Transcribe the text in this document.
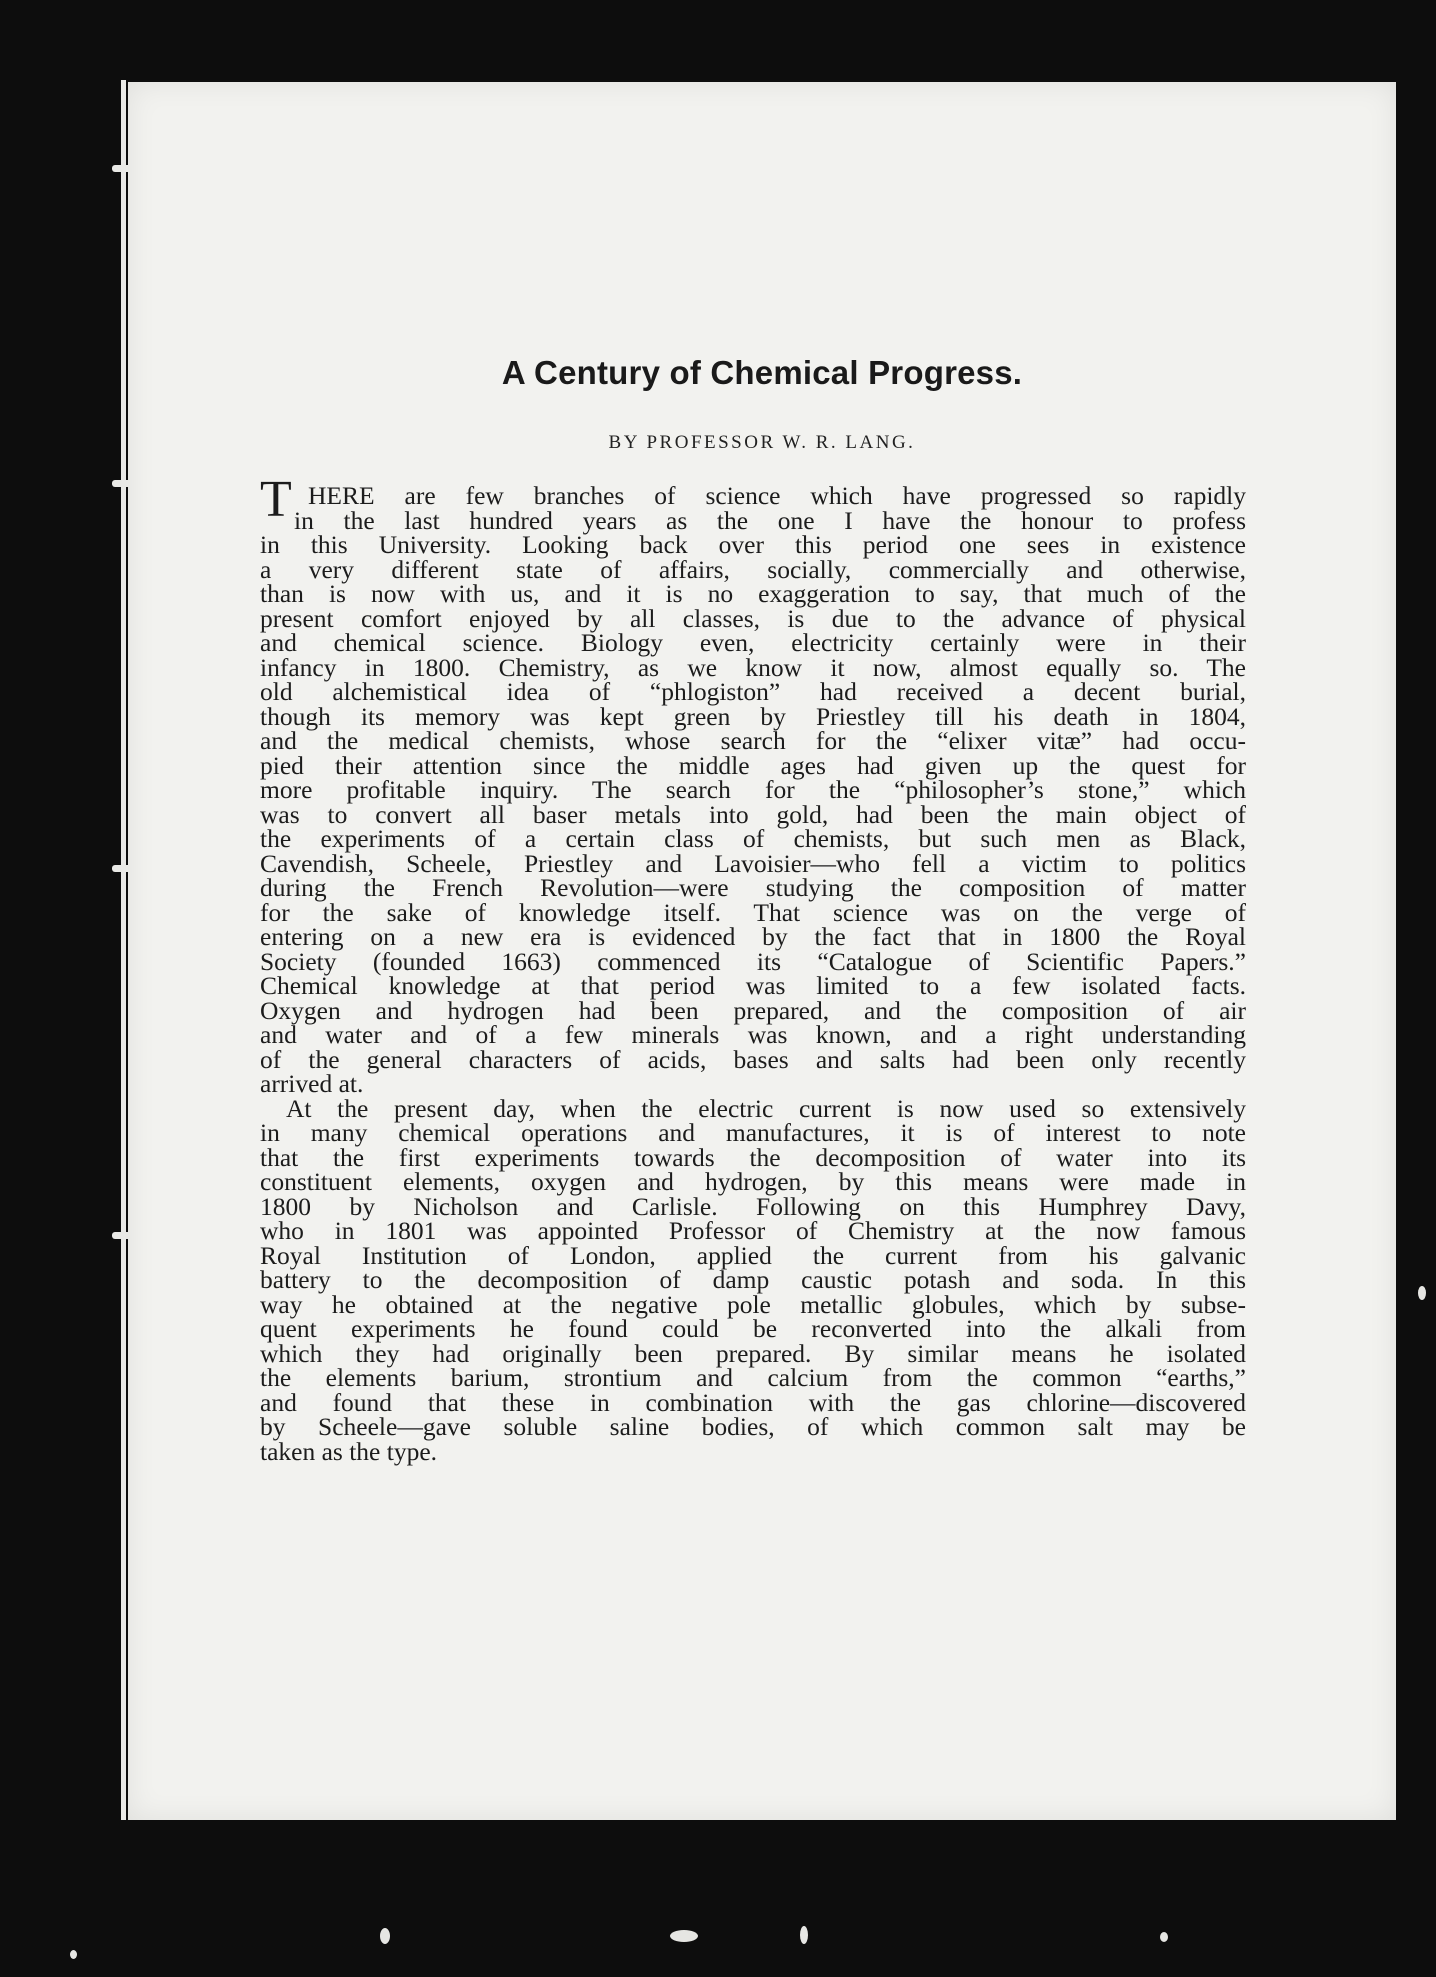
A Century of Chemical Progress.

BY PROFESSOR W. R. LANG.

T HERE are few branches of science which have progressed so rapidly
in the last hundred years as the one I have the honour to profess
in this University. Looking back over this period one sees in existence
a very different state of affairs, socially, commercially and otherwise,
than is now with us, and it is no exaggeration to say, that much of the
present comfort enjoyed by all classes, is due to the advance of physical
and chemical science. Biology even, electricity certainly were in their
infancy in 1800. Chemistry, as we know it now, almost equally so. The
old alchemistical idea of “phlogiston” had received a decent burial,
though its memory was kept green by Priestley till his death in 1804,
and the medical chemists, whose search for the “elixer vitæ” had occu-
pied their attention since the middle ages had given up the quest for
more profitable inquiry. The search for the “philosopher’s stone,” which
was to convert all baser metals into gold, had been the main object of
the experiments of a certain class of chemists, but such men as Black,
Cavendish, Scheele, Priestley and Lavoisier—who fell a victim to politics
during the French Revolution—were studying the composition of matter
for the sake of knowledge itself. That science was on the verge of
entering on a new era is evidenced by the fact that in 1800 the Royal
Society (founded 1663) commenced its “Catalogue of Scientific Papers.”
Chemical knowledge at that period was limited to a few isolated facts.
Oxygen and hydrogen had been prepared, and the composition of air
and water and of a few minerals was known, and a right understanding
of the general characters of acids, bases and salts had been only recently
arrived at.
At the present day, when the electric current is now used so extensively
in many chemical operations and manufactures, it is of interest to note
that the first experiments towards the decomposition of water into its
constituent elements, oxygen and hydrogen, by this means were made in
1800 by Nicholson and Carlisle. Following on this Humphrey Davy,
who in 1801 was appointed Professor of Chemistry at the now famous
Royal Institution of London, applied the current from his galvanic
battery to the decomposition of damp caustic potash and soda. In this
way he obtained at the negative pole metallic globules, which by subse-
quent experiments he found could be reconverted into the alkali from
which they had originally been prepared. By similar means he isolated
the elements barium, strontium and calcium from the common “earths,”
and found that these in combination with the gas chlorine—discovered
by Scheele—gave soluble saline bodies, of which common salt may be
taken as the type.
